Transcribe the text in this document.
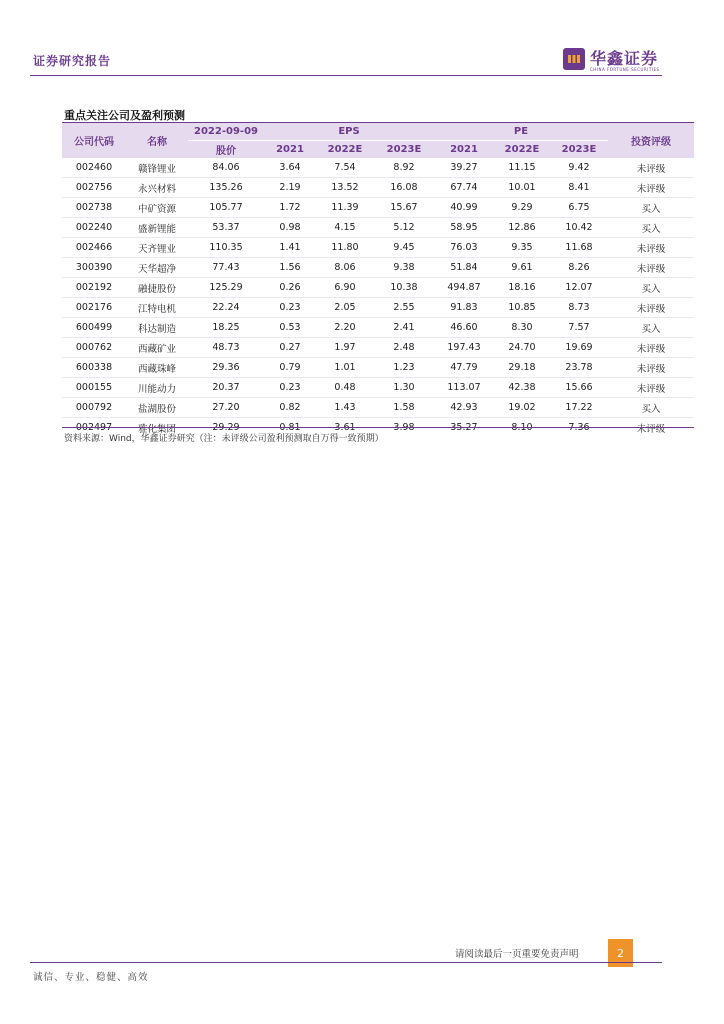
证券研究报告	华鑫证券
CHINA FORTUNE SECURITIES
重点关注公司及盈利预测
公司代码	名称	2022-09-09	EPS			PE			投资评级
		股价	2021	2022E	2023E	2021	2022E	2023E	
002460	赣锋锂业	84.06	3.64	7.54	8.92	39.27	11.15	9.42	未评级
002756	永兴材料	135.26	2.19	13.52	16.08	67.74	10.01	8.41	未评级
002738	中矿资源	105.77	1.72	11.39	15.67	40.99	9.29	6.75	买入
002240	盛新锂能	53.37	0.98	4.15	5.12	58.95	12.86	10.42	买入
002466	天齐锂业	110.35	1.41	11.80	9.45	76.03	9.35	11.68	未评级
300390	天华超净	77.43	1.56	8.06	9.38	51.84	9.61	8.26	未评级
002192	融捷股份	125.29	0.26	6.90	10.38	494.87	18.16	12.07	买入
002176	江特电机	22.24	0.23	2.05	2.55	91.83	10.85	8.73	未评级
600499	科达制造	18.25	0.53	2.20	2.41	46.60	8.30	7.57	买入
000762	西藏矿业	48.73	0.27	1.97	2.48	197.43	24.70	19.69	未评级
600338	西藏珠峰	29.36	0.79	1.01	1.23	47.79	29.18	23.78	未评级
000155	川能动力	20.37	0.23	0.48	1.30	113.07	42.38	15.66	未评级
000792	盐湖股份	27.20	0.82	1.43	1.58	42.93	19.02	17.22	买入
002497	雅化集团	29.29	0.81	3.61	3.98	35.27	8.10	7.36	未评级
资料来源：Wind，华鑫证券研究（注：未评级公司盈利预测取自万得一致预期）
请阅读最后一页重要免责声明	2
诚信、专业、稳健、高效
